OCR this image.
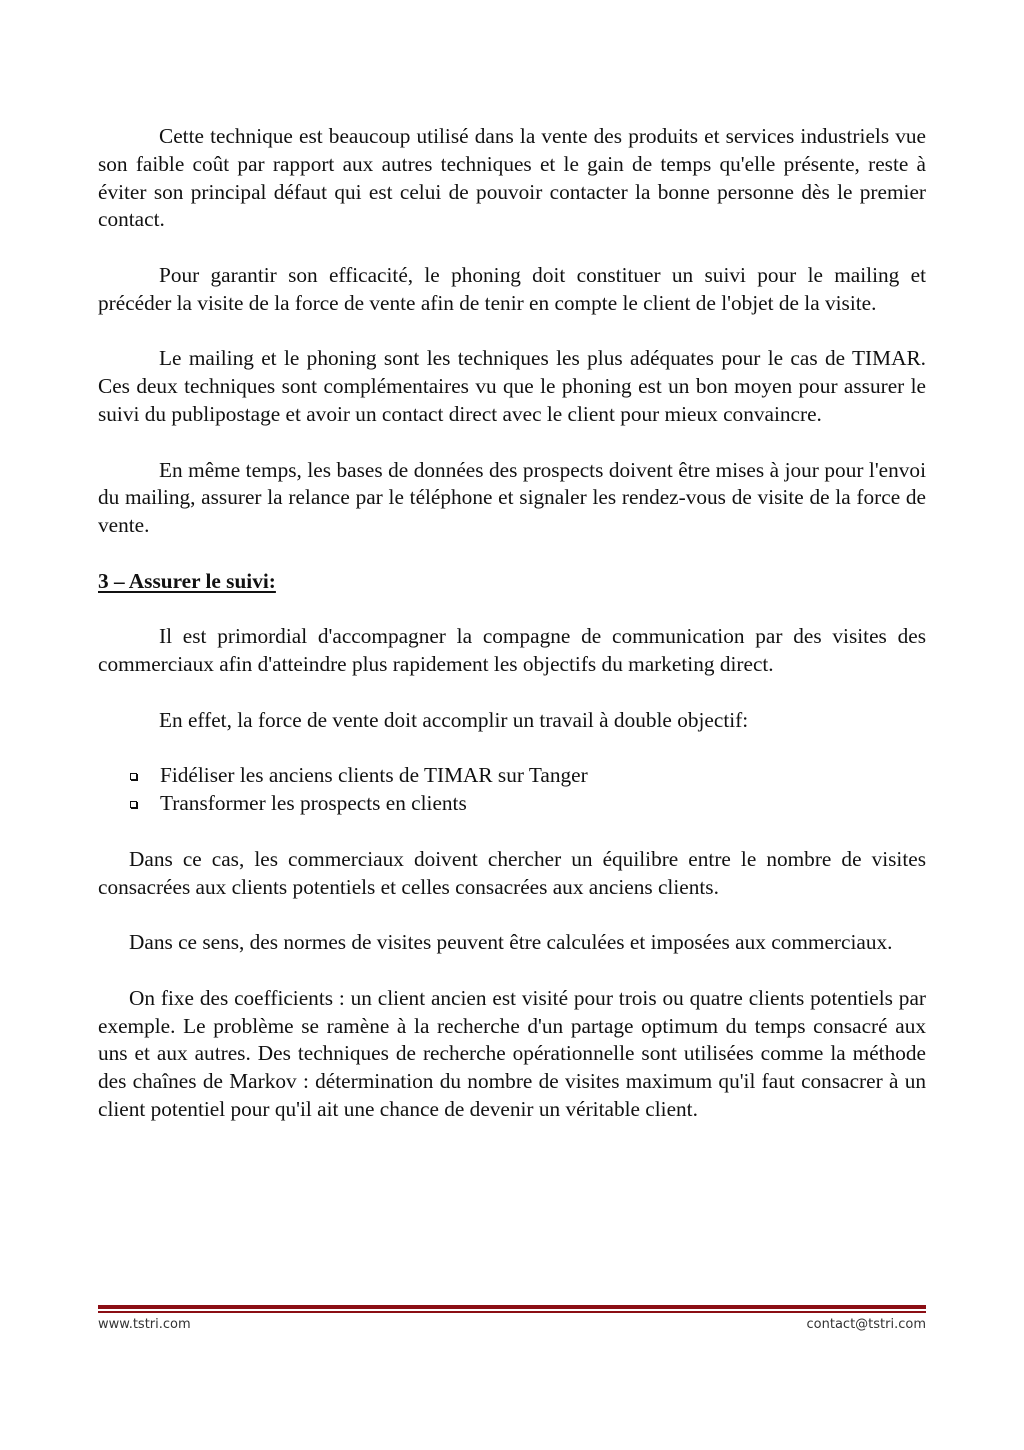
Cette technique est beaucoup utilisé dans la vente des produits et services industriels vue son faible coût par rapport aux autres techniques et le gain de temps qu'elle présente, reste à éviter son principal défaut qui est celui de pouvoir contacter la bonne personne dès le premier contact.

Pour garantir son efficacité, le phoning doit constituer un suivi pour le mailing et précéder la visite de la force de vente afin de tenir en compte le client de l'objet de la visite.

Le mailing et le phoning sont les techniques les plus adéquates pour le cas de TIMAR. Ces deux techniques sont complémentaires vu que le phoning est un bon moyen pour assurer le suivi du publipostage et avoir un contact direct avec le client pour mieux convaincre.

En même temps, les bases de données des prospects doivent être mises à jour pour l'envoi du mailing, assurer la relance par le téléphone et signaler les rendez-vous de visite de la force de vente.

3 – Assurer le suivi:

Il est primordial d'accompagner la compagne de communication par des visites des commerciaux afin d'atteindre plus rapidement les objectifs du marketing direct.

En effet, la force de vente doit accomplir un travail à double objectif:

Fidéliser les anciens clients de TIMAR sur Tanger
Transformer les prospects en clients

Dans ce cas, les commerciaux doivent chercher un équilibre entre le nombre de visites consacrées aux clients potentiels et celles consacrées aux anciens clients.

Dans ce sens, des normes de visites peuvent être calculées et imposées aux commerciaux.

On fixe des coefficients : un client ancien est visité pour trois ou quatre clients potentiels par exemple. Le problème se ramène à la recherche d'un partage optimum du temps consacré aux uns et aux autres. Des techniques de recherche opérationnelle sont utilisées comme la méthode des chaînes de Markov : détermination du nombre de visites maximum qu'il faut consacrer à un client potentiel pour qu'il ait une chance de devenir un véritable client.

www.tstri.com	contact@tstri.com
